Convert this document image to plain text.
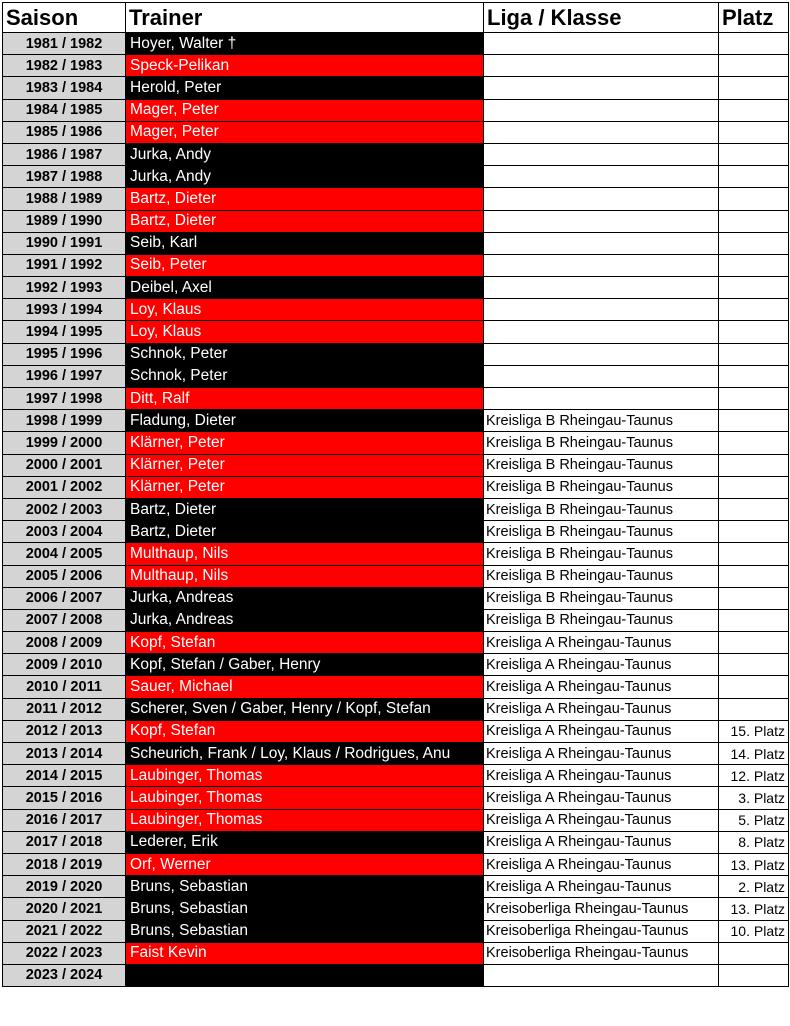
Saison	Trainer	Liga / Klasse	Platz
1981 / 1982	Hoyer, Walter †		
1982 / 1983	Speck-Pelikan		
1983 / 1984	Herold, Peter		
1984 / 1985	Mager, Peter		
1985 / 1986	Mager, Peter		
1986 / 1987	Jurka, Andy		
1987 / 1988	Jurka, Andy		
1988 / 1989	Bartz, Dieter		
1989 / 1990	Bartz, Dieter		
1990 / 1991	Seib, Karl		
1991 / 1992	Seib, Peter		
1992 / 1993	Deibel, Axel		
1993 / 1994	Loy, Klaus		
1994 / 1995	Loy, Klaus		
1995 / 1996	Schnok, Peter		
1996 / 1997	Schnok, Peter		
1997 / 1998	Ditt, Ralf		
1998 / 1999	Fladung, Dieter	Kreisliga B Rheingau-Taunus	
1999 / 2000	Klärner, Peter	Kreisliga B Rheingau-Taunus	
2000 / 2001	Klärner, Peter	Kreisliga B Rheingau-Taunus	
2001 / 2002	Klärner, Peter	Kreisliga B Rheingau-Taunus	
2002 / 2003	Bartz, Dieter	Kreisliga B Rheingau-Taunus	
2003 / 2004	Bartz, Dieter	Kreisliga B Rheingau-Taunus	
2004 / 2005	Multhaup, Nils	Kreisliga B Rheingau-Taunus	
2005 / 2006	Multhaup, Nils	Kreisliga B Rheingau-Taunus	
2006 / 2007	Jurka, Andreas	Kreisliga B Rheingau-Taunus	
2007 / 2008	Jurka, Andreas	Kreisliga B Rheingau-Taunus	
2008 / 2009	Kopf, Stefan	Kreisliga A Rheingau-Taunus	
2009 / 2010	Kopf, Stefan / Gaber, Henry	Kreisliga A Rheingau-Taunus	
2010 / 2011	Sauer, Michael	Kreisliga A Rheingau-Taunus	
2011 / 2012	Scherer, Sven / Gaber, Henry / Kopf, Stefan	Kreisliga A Rheingau-Taunus	
2012 / 2013	Kopf, Stefan	Kreisliga A Rheingau-Taunus	15. Platz
2013 / 2014	Scheurich, Frank / Loy, Klaus / Rodrigues, Anu	Kreisliga A Rheingau-Taunus	14. Platz
2014 / 2015	Laubinger, Thomas	Kreisliga A Rheingau-Taunus	12. Platz
2015 / 2016	Laubinger, Thomas	Kreisliga A Rheingau-Taunus	3. Platz
2016 / 2017	Laubinger, Thomas	Kreisliga A Rheingau-Taunus	5. Platz
2017 / 2018	Lederer, Erik	Kreisliga A Rheingau-Taunus	8. Platz
2018 / 2019	Orf, Werner	Kreisliga A Rheingau-Taunus	13. Platz
2019 / 2020	Bruns, Sebastian	Kreisliga A Rheingau-Taunus	2. Platz
2020 / 2021	Bruns, Sebastian	Kreisoberliga Rheingau-Taunus	13. Platz
2021 / 2022	Bruns, Sebastian	Kreisoberliga Rheingau-Taunus	10. Platz
2022 / 2023	Faist Kevin	Kreisoberliga Rheingau-Taunus	
2023 / 2024			
